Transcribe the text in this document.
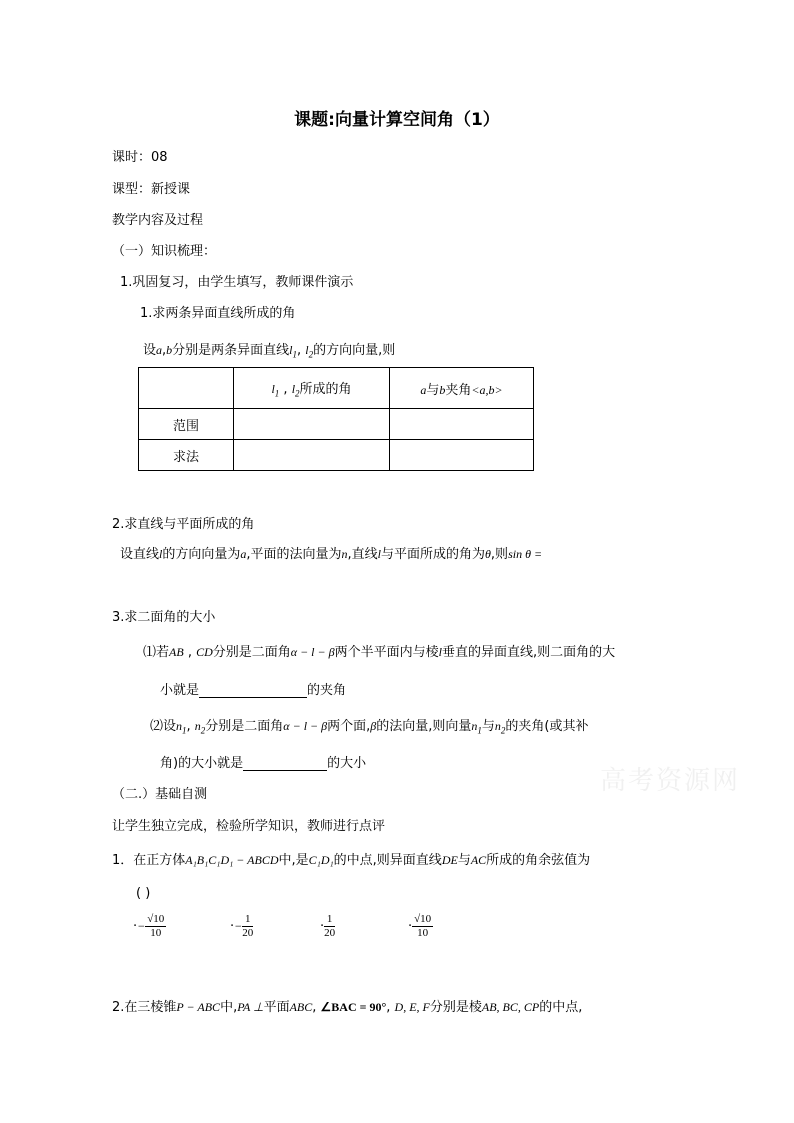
课题:向量计算空间角（1）
课时：08
课型：新授课
教学内容及过程
（一）知识梳理：
1.巩固复习，由学生填写，教师课件演示
1.求两条异面直线所成的角
设a,b分别是两条异面直线$l_1$, $l_2$的方向向量,则
	$l_1$ , $l_2$所成的角	a与b夹角<a,b>
范围		
求法		
2.求直线与平面所成的角
设直线l的方向向量为a,平面的法向量为n,直线l与平面所成的角为θ,则sin θ =
3.求二面角的大小
⑴若AB , CD分别是二面角α − l − β两个半平面内与棱l垂直的异面直线,则二面角的大
小就是	的夹角
⑵设$n_1$, $n_2$分别是二面角α − l − β两个面,β的法向量,则向量$n_1$与$n_2$的夹角(或其补
角)的大小就是	的大小
高考资源网
（二.）基础自测
让学生独立完成，检验所学知识，教师进行点评
1．在正方体A₁B₁C₁D₁ − ABCD中,是C₁D₁的中点,则异面直线DE与AC所成的角余弦值为
( )
·− $\frac{√10}{10}$	·− $\frac{1}{20}$	· $\frac{1}{20}$	· $\frac{√10}{10}$
2.在三棱锥P − ABC中,PA ⊥平面ABC, ∠BAC = 90°, D, E, F分别是棱AB, BC, CP的中点,
